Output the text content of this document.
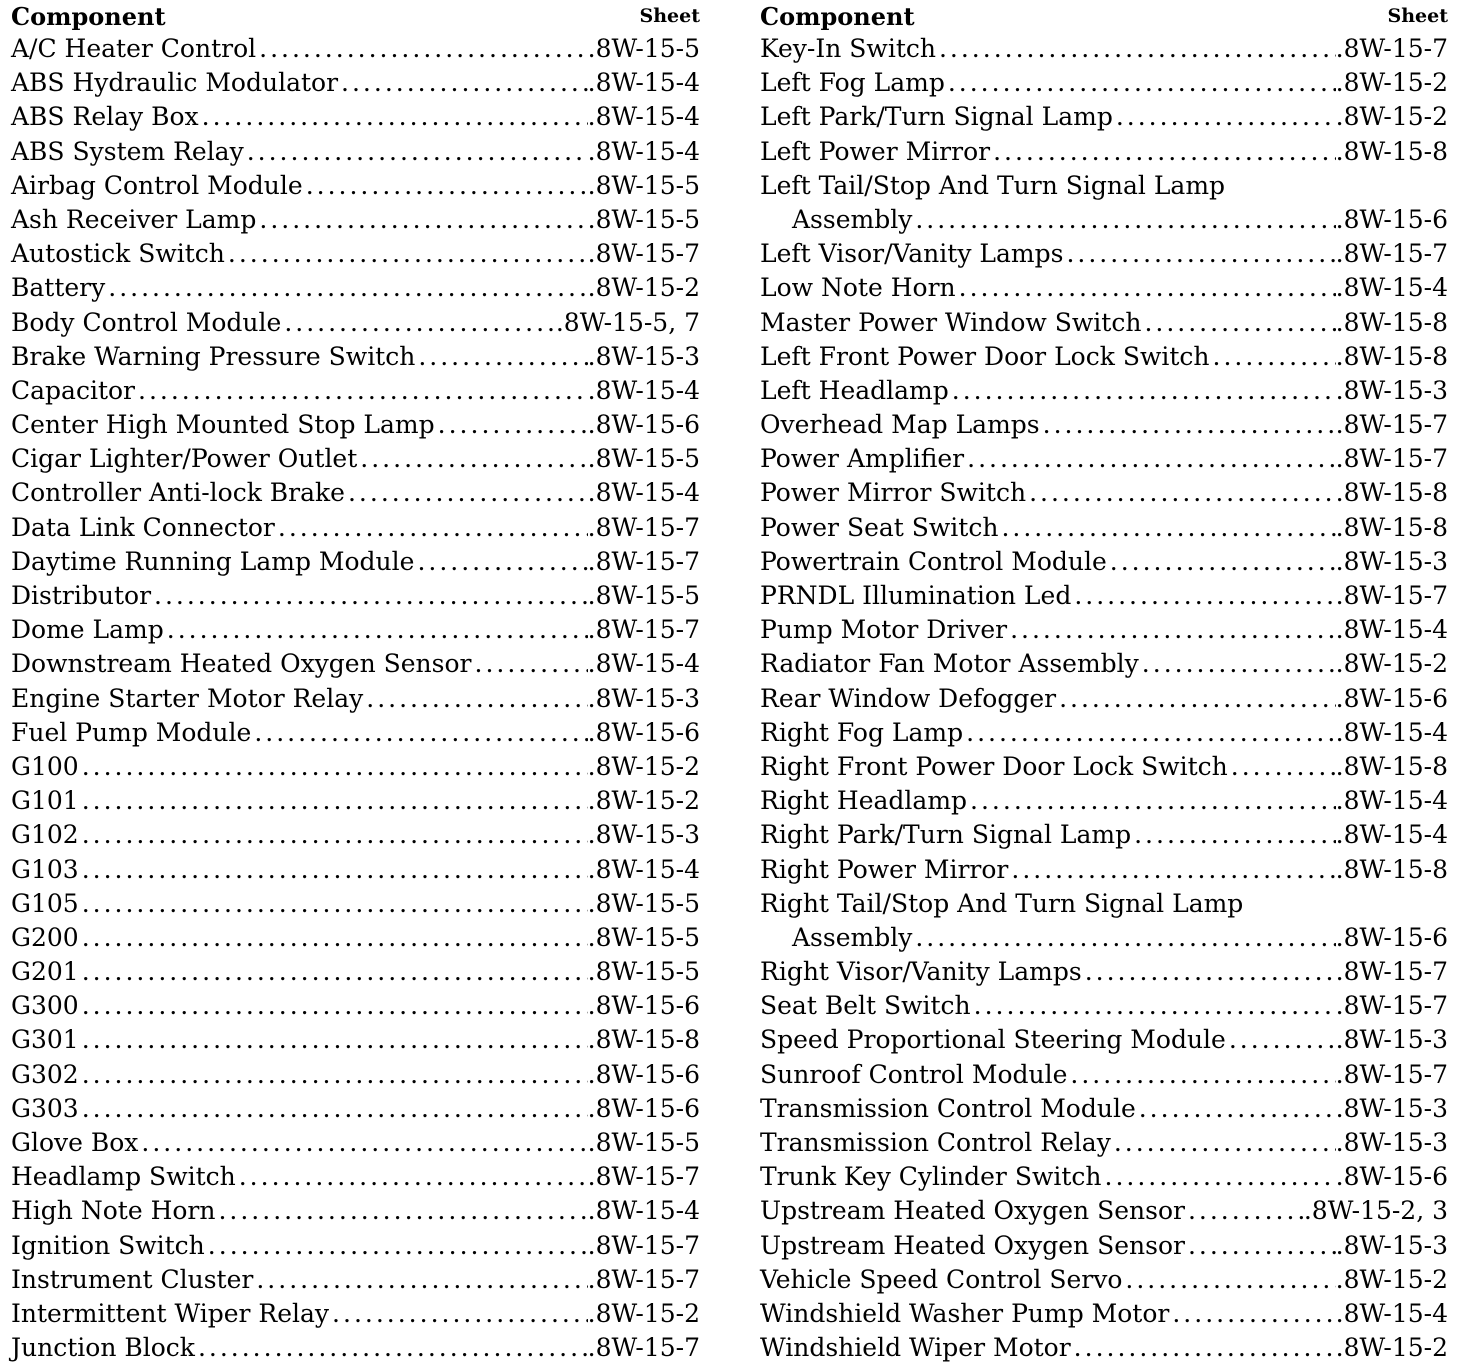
Component	Sheet
A/C Heater Control .....	.8W-15-5
ABS Hydraulic Modulator .....	.8W-15-4
ABS Relay Box .....	.8W-15-4
ABS System Relay .....	.8W-15-4
Airbag Control Module .....	.8W-15-5
Ash Receiver Lamp .....	.8W-15-5
Autostick Switch .....	.8W-15-7
Battery .....	.8W-15-2
Body Control Module .....	.8W-15-5, 7
Brake Warning Pressure Switch .....	.8W-15-3
Capacitor .....	.8W-15-4
Center High Mounted Stop Lamp .....	.8W-15-6
Cigar Lighter/Power Outlet .....	.8W-15-5
Controller Anti-lock Brake .....	.8W-15-4
Data Link Connector .....	.8W-15-7
Daytime Running Lamp Module .....	.8W-15-7
Distributor .....	.8W-15-5
Dome Lamp .....	.8W-15-7
Downstream Heated Oxygen Sensor .....	.8W-15-4
Engine Starter Motor Relay .....	.8W-15-3
Fuel Pump Module .....	.8W-15-6
G100 .....	.8W-15-2
G101 .....	.8W-15-2
G102 .....	.8W-15-3
G103 .....	.8W-15-4
G105 .....	.8W-15-5
G200 .....	.8W-15-5
G201 .....	.8W-15-5
G300 .....	.8W-15-6
G301 .....	.8W-15-8
G302 .....	.8W-15-6
G303 .....	.8W-15-6
Glove Box .....	.8W-15-5
Headlamp Switch .....	.8W-15-7
High Note Horn .....	.8W-15-4
Ignition Switch .....	.8W-15-7
Instrument Cluster .....	.8W-15-7
Intermittent Wiper Relay .....	.8W-15-2
Junction Block .....	.8W-15-7
Component	Sheet
Key-In Switch .....	.8W-15-7
Left Fog Lamp .....	.8W-15-2
Left Park/Turn Signal Lamp .....	.8W-15-2
Left Power Mirror .....	.8W-15-8
Left Tail/Stop And Turn Signal Lamp
Assembly .....	.8W-15-6
Left Visor/Vanity Lamps .....	.8W-15-7
Low Note Horn .....	.8W-15-4
Master Power Window Switch .....	.8W-15-8
Left Front Power Door Lock Switch .....	.8W-15-8
Left Headlamp .....	.8W-15-3
Overhead Map Lamps .....	.8W-15-7
Power Amplifier .....	.8W-15-7
Power Mirror Switch .....	.8W-15-8
Power Seat Switch .....	.8W-15-8
Powertrain Control Module .....	.8W-15-3
PRNDL Illumination Led .....	.8W-15-7
Pump Motor Driver .....	.8W-15-4
Radiator Fan Motor Assembly .....	.8W-15-2
Rear Window Defogger .....	.8W-15-6
Right Fog Lamp .....	.8W-15-4
Right Front Power Door Lock Switch .....	.8W-15-8
Right Headlamp .....	.8W-15-4
Right Park/Turn Signal Lamp .....	.8W-15-4
Right Power Mirror .....	.8W-15-8
Right Tail/Stop And Turn Signal Lamp
Assembly .....	.8W-15-6
Right Visor/Vanity Lamps .....	.8W-15-7
Seat Belt Switch .....	.8W-15-7
Speed Proportional Steering Module .....	.8W-15-3
Sunroof Control Module .....	.8W-15-7
Transmission Control Module .....	.8W-15-3
Transmission Control Relay .....	.8W-15-3
Trunk Key Cylinder Switch .....	.8W-15-6
Upstream Heated Oxygen Sensor .....	.8W-15-2, 3
Upstream Heated Oxygen Sensor .....	.8W-15-3
Vehicle Speed Control Servo .....	.8W-15-2
Windshield Washer Pump Motor .....	.8W-15-4
Windshield Wiper Motor .....	.8W-15-2
